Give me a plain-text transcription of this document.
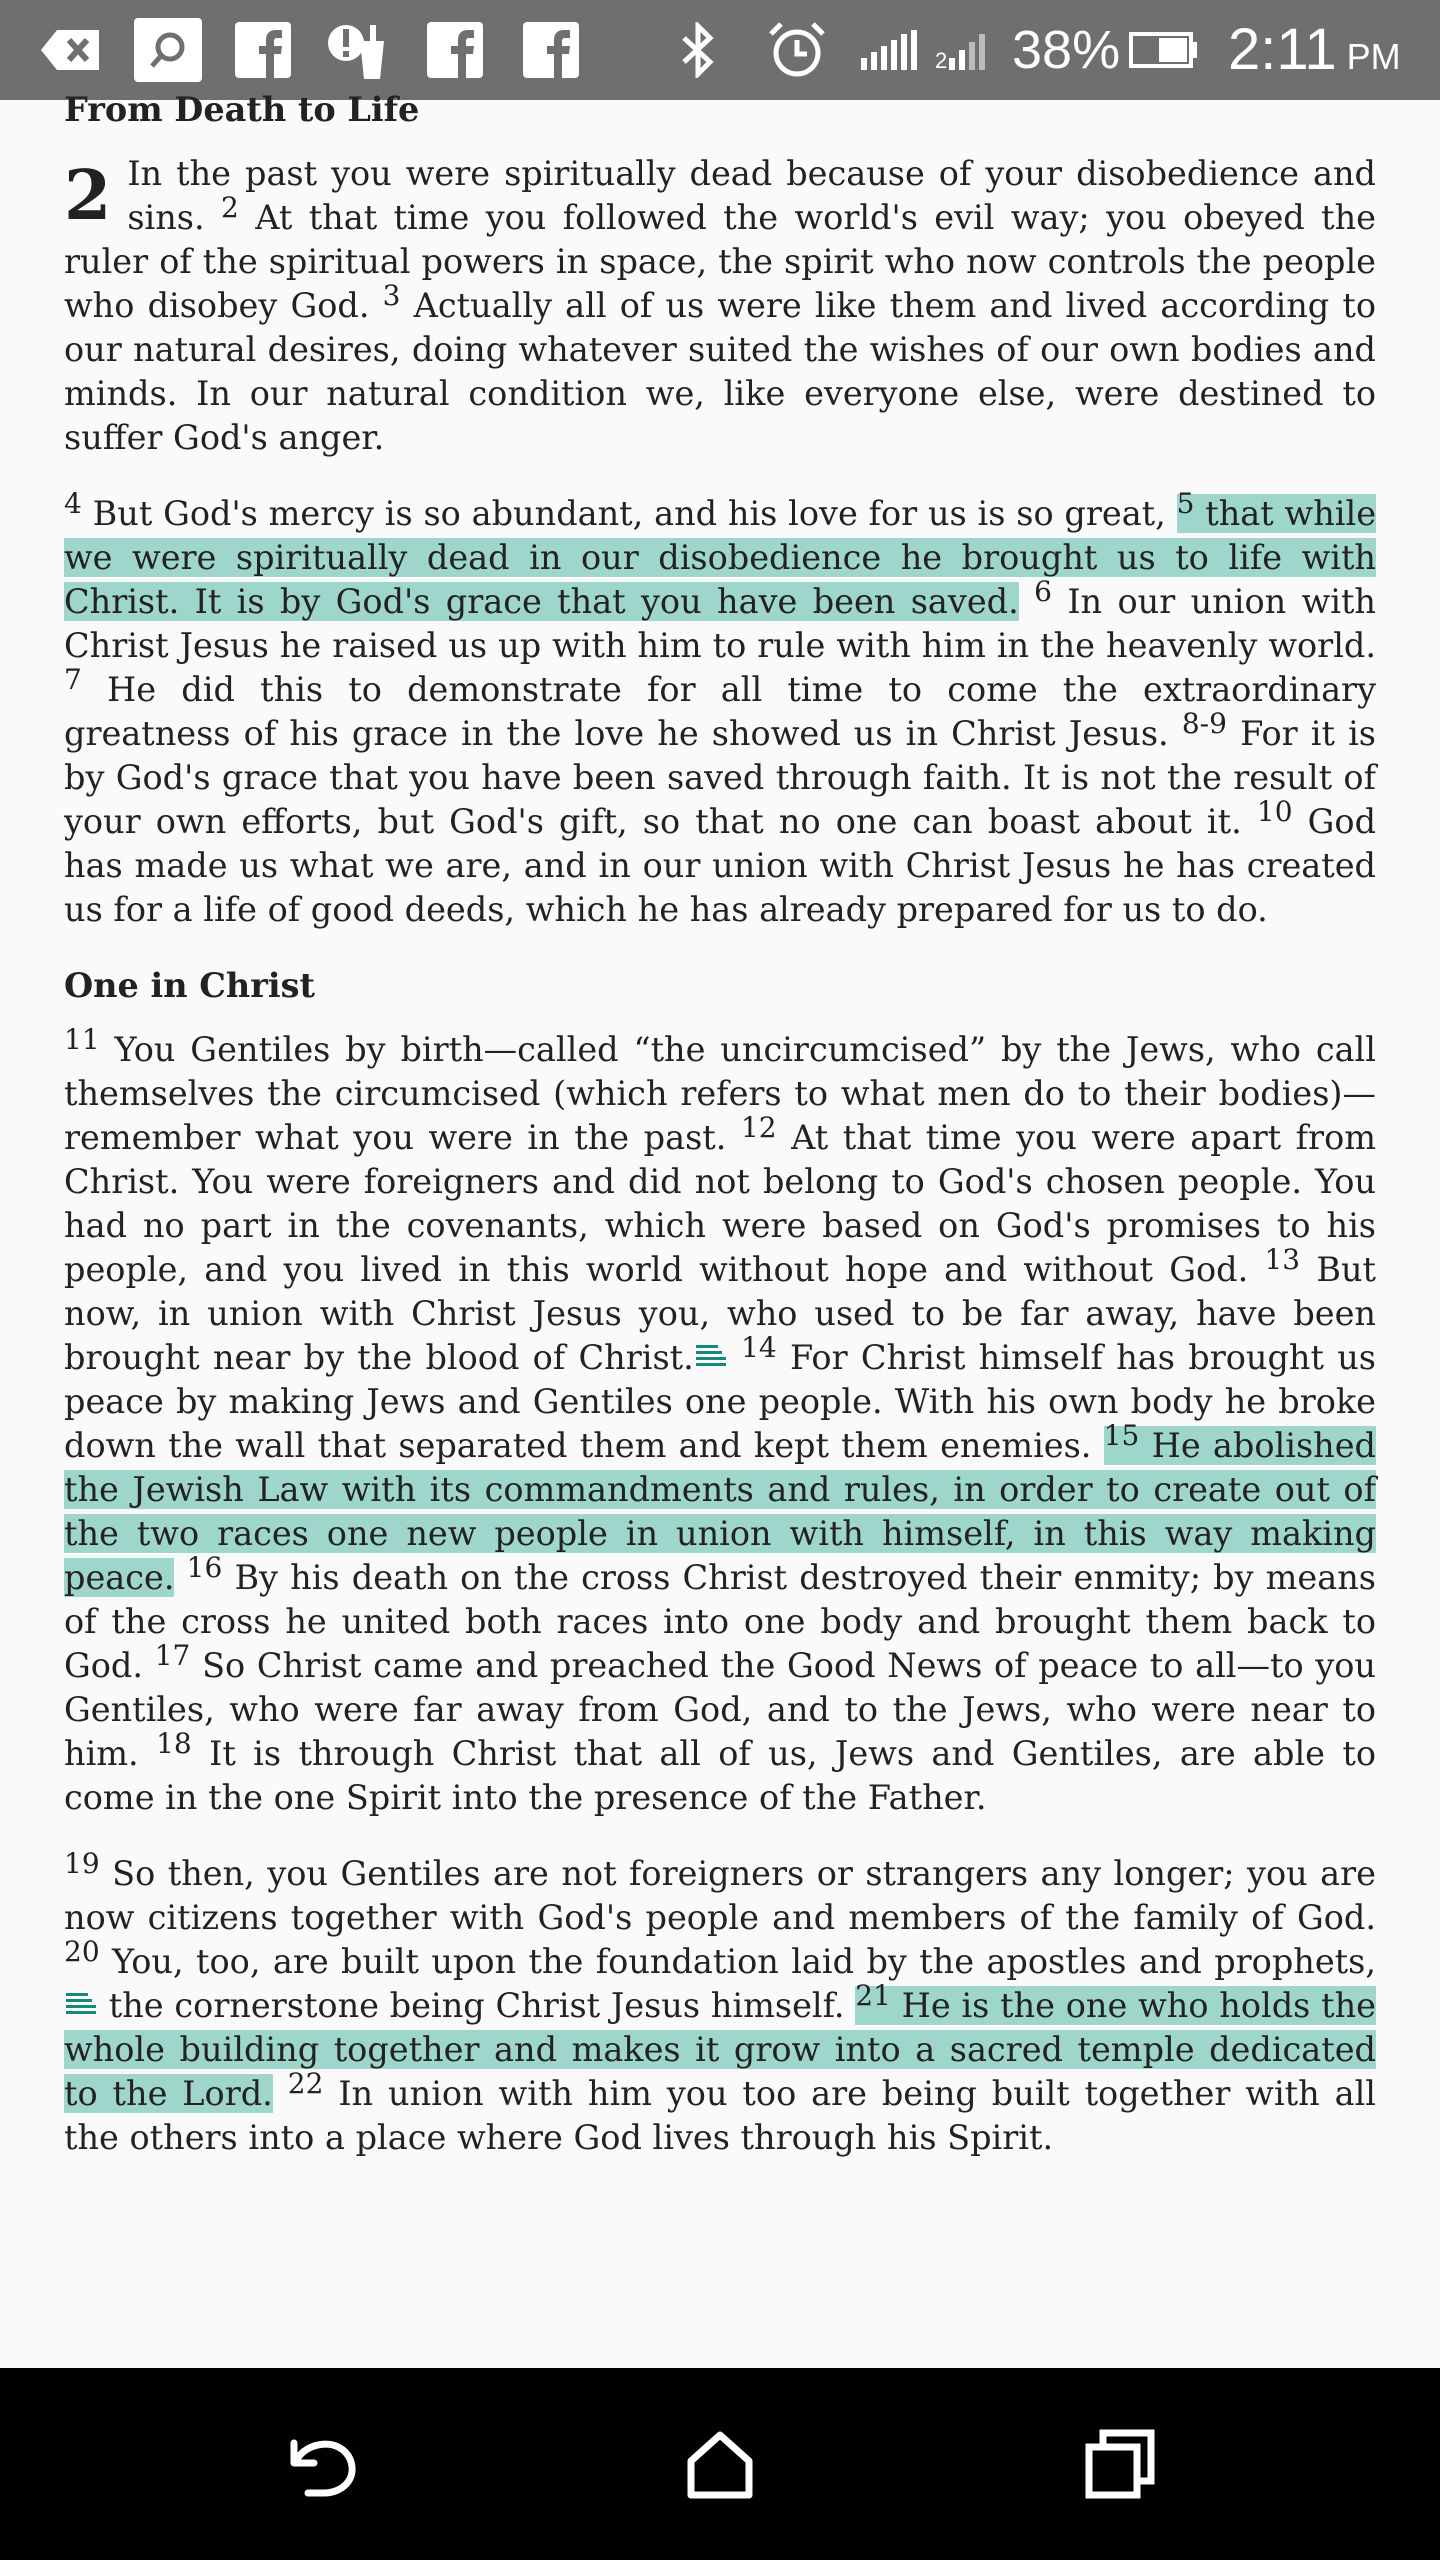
2 38% 2:11 PM
From Death to Life

2 In the past you were spiritually dead because of your disobedience and sins. $^2$ At that time you followed the world's evil way; you obeyed the ruler of the spiritual powers in space, the spirit who now controls the people who disobey God. $^3$ Actually all of us were like them and lived according to our natural desires, doing whatever suited the wishes of our own bodies and minds. In our natural condition we, like everyone else, were destined to suffer God's anger.

$^4$ But God's mercy is so abundant, and his love for us is so great, $^5$ that while we were spiritually dead in our disobedience he brought us to life with Christ. It is by God's grace that you have been saved. $^6$ In our union with Christ Jesus he raised us up with him to rule with him in the heavenly world. $^7$ He did this to demonstrate for all time to come the extraordinary greatness of his grace in the love he showed us in Christ Jesus. $^{8-9}$ For it is by God's grace that you have been saved through faith. It is not the result of your own efforts, but God's gift, so that no one can boast about it. $^{10}$ God has made us what we are, and in our union with Christ Jesus he has created us for a life of good deeds, which he has already prepared for us to do.

One in Christ

$^{11}$ You Gentiles by birth—called “the uncircumcised” by the Jews, who call themselves the circumcised (which refers to what men do to their bodies)—remember what you were in the past. $^{12}$ At that time you were apart from Christ. You were foreigners and did not belong to God's chosen people. You had no part in the covenants, which were based on God's promises to his people, and you lived in this world without hope and without God. $^{13}$ But now, in union with Christ Jesus you, who used to be far away, have been brought near by the blood of Christ. $^{14}$ For Christ himself has brought us peace by making Jews and Gentiles one people. With his own body he broke down the wall that separated them and kept them enemies. $^{15}$ He abolished the Jewish Law with its commandments and rules, in order to create out of the two races one new people in union with himself, in this way making peace. $^{16}$ By his death on the cross Christ destroyed their enmity; by means of the cross he united both races into one body and brought them back to God. $^{17}$ So Christ came and preached the Good News of peace to all—to you Gentiles, who were far away from God, and to the Jews, who were near to him. $^{18}$ It is through Christ that all of us, Jews and Gentiles, are able to come in the one Spirit into the presence of the Father.

$^{19}$ So then, you Gentiles are not foreigners or strangers any longer; you are now citizens together with God's people and members of the family of God. $^{20}$ You, too, are built upon the foundation laid by the apostles and prophets,
the cornerstone being Christ Jesus himself. $^{21}$ He is the one who holds the whole building together and makes it grow into a sacred temple dedicated to the Lord. $^{22}$ In union with him you too are being built together with all the others into a place where God lives through his Spirit.
